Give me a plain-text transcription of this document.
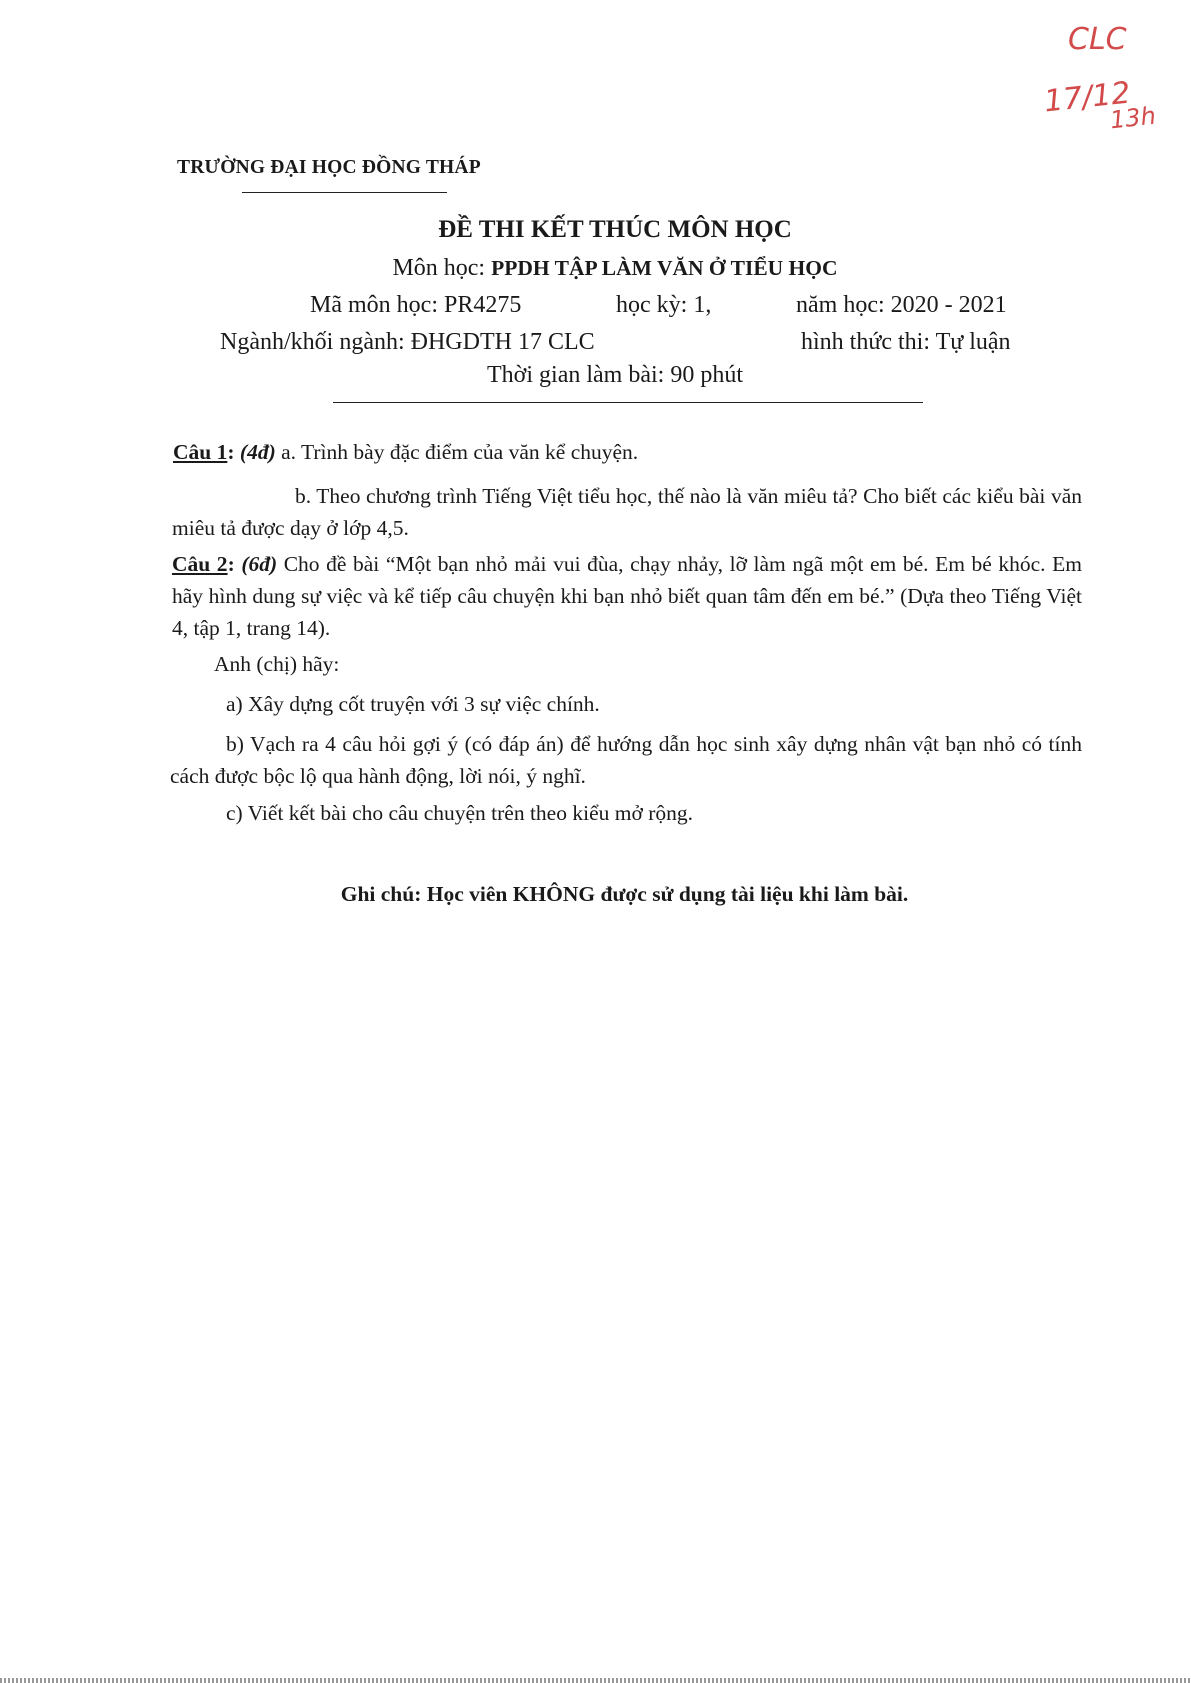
CLC
17/12
13h
TRƯỜNG ĐẠI HỌC ĐỒNG THÁP
ĐỀ THI KẾT THÚC MÔN HỌC
Môn học: PPDH TẬP LÀM VĂN Ở TIỂU HỌC
Mã môn học: PR4275	học kỳ: 1,	năm học: 2020 - 2021
Ngành/khối ngành: ĐHGDTH 17 CLC	hình thức thi: Tự luận
Thời gian làm bài: 90 phút
Câu 1: (4đ) a. Trình bày đặc điểm của văn kể chuyện.
b. Theo chương trình Tiếng Việt tiểu học, thế nào là văn miêu tả? Cho biết các kiểu bài văn miêu tả được dạy ở lớp 4,5.
Câu 2: (6đ) Cho đề bài “Một bạn nhỏ mải vui đùa, chạy nhảy, lỡ làm ngã một em bé. Em bé khóc. Em hãy hình dung sự việc và kể tiếp câu chuyện khi bạn nhỏ biết quan tâm đến em bé.” (Dựa theo Tiếng Việt 4, tập 1, trang 14).
Anh (chị) hãy:
a) Xây dựng cốt truyện với 3 sự việc chính.
b) Vạch ra 4 câu hỏi gợi ý (có đáp án) để hướng dẫn học sinh xây dựng nhân vật bạn nhỏ có tính cách được bộc lộ qua hành động, lời nói, ý nghĩ.
c) Viết kết bài cho câu chuyện trên theo kiểu mở rộng.
Ghi chú: Học viên KHÔNG được sử dụng tài liệu khi làm bài.
